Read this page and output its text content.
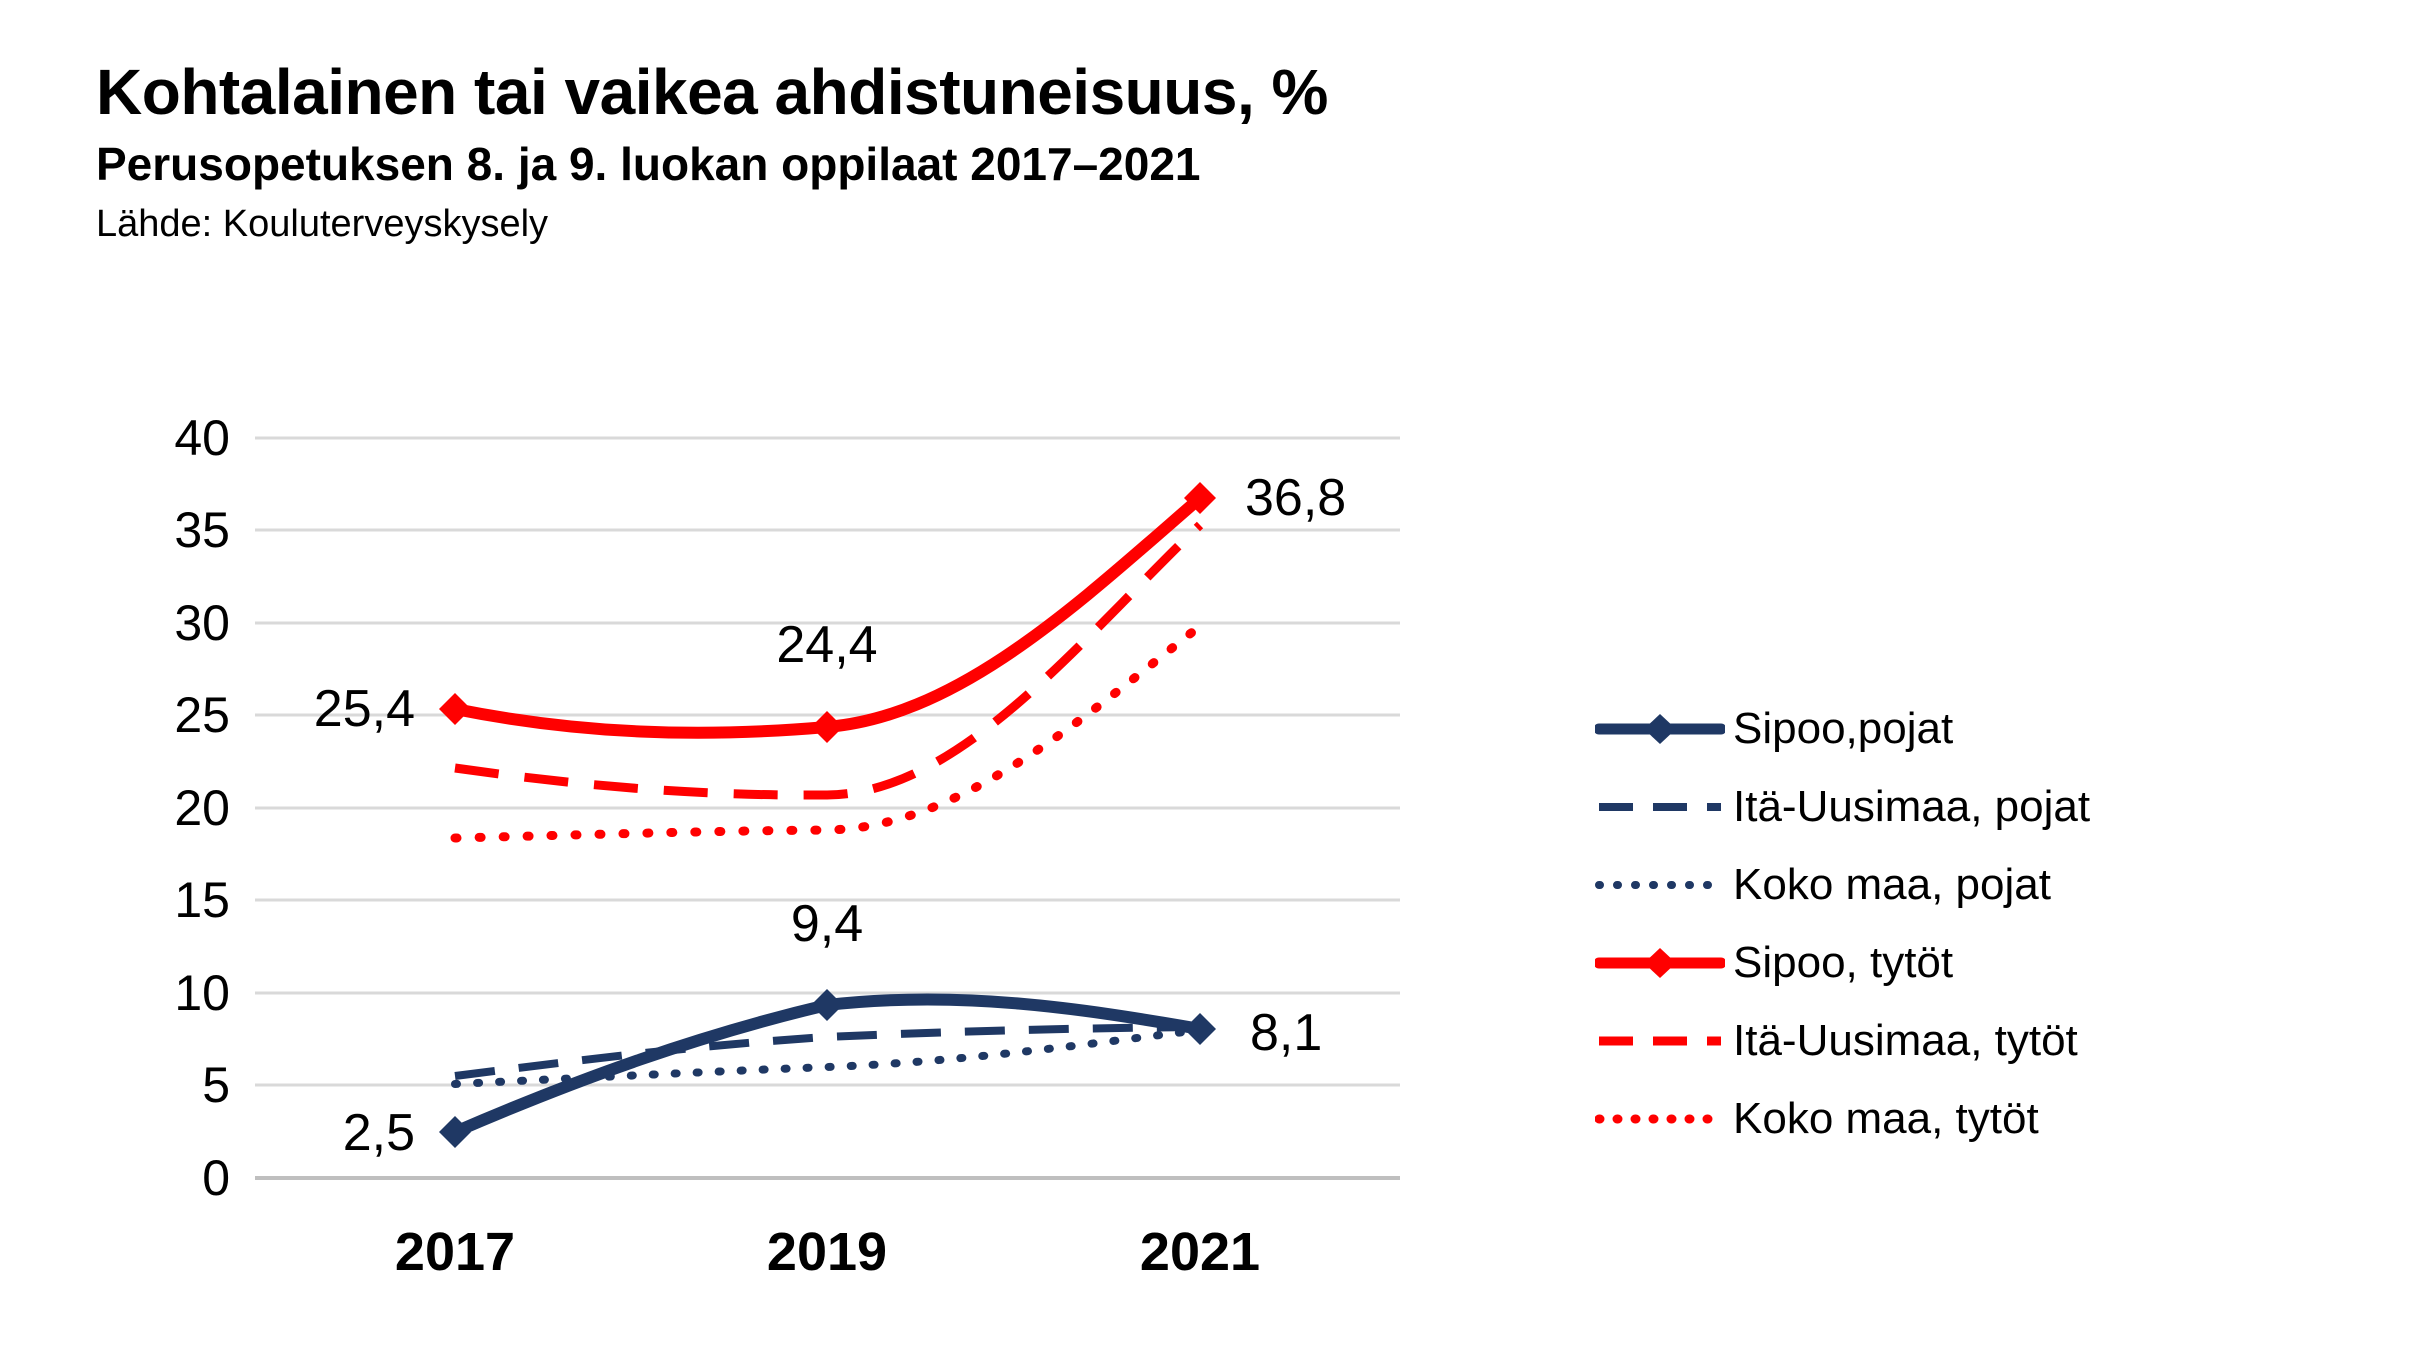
Kohtalainen tai vaikea ahdistuneisuus, %
Perusopetuksen 8. ja 9. luokan oppilaat 2017–2021
Lähde: Kouluterveyskysely
0
5
10
15
20
25
30
35
40
2017	2019	2021
25,4
24,4
36,8
2,5
9,4
8,1
Sipoo,pojat
Itä-Uusimaa, pojat
Koko maa, pojat
Sipoo, tytöt
Itä-Uusimaa, tytöt
Koko maa, tytöt
